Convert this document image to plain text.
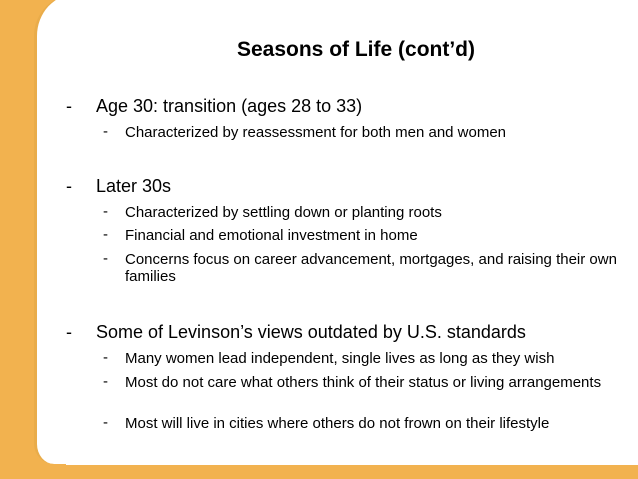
Seasons of Life (cont’d)
-	Age 30: transition (ages 28 to 33)
-	Characterized by reassessment for both men and women
-	Later 30s
-	Characterized by settling down or planting roots
-	Financial and emotional investment in home
-	Concerns focus on career advancement, mortgages, and raising their own families
-	Some of Levinson’s views outdated by U.S. standards
-	Many women lead independent, single lives as long as they wish
-	Most do not care what others think of their status or living arrangements
-	Most will live in cities where others do not frown on their lifestyle
